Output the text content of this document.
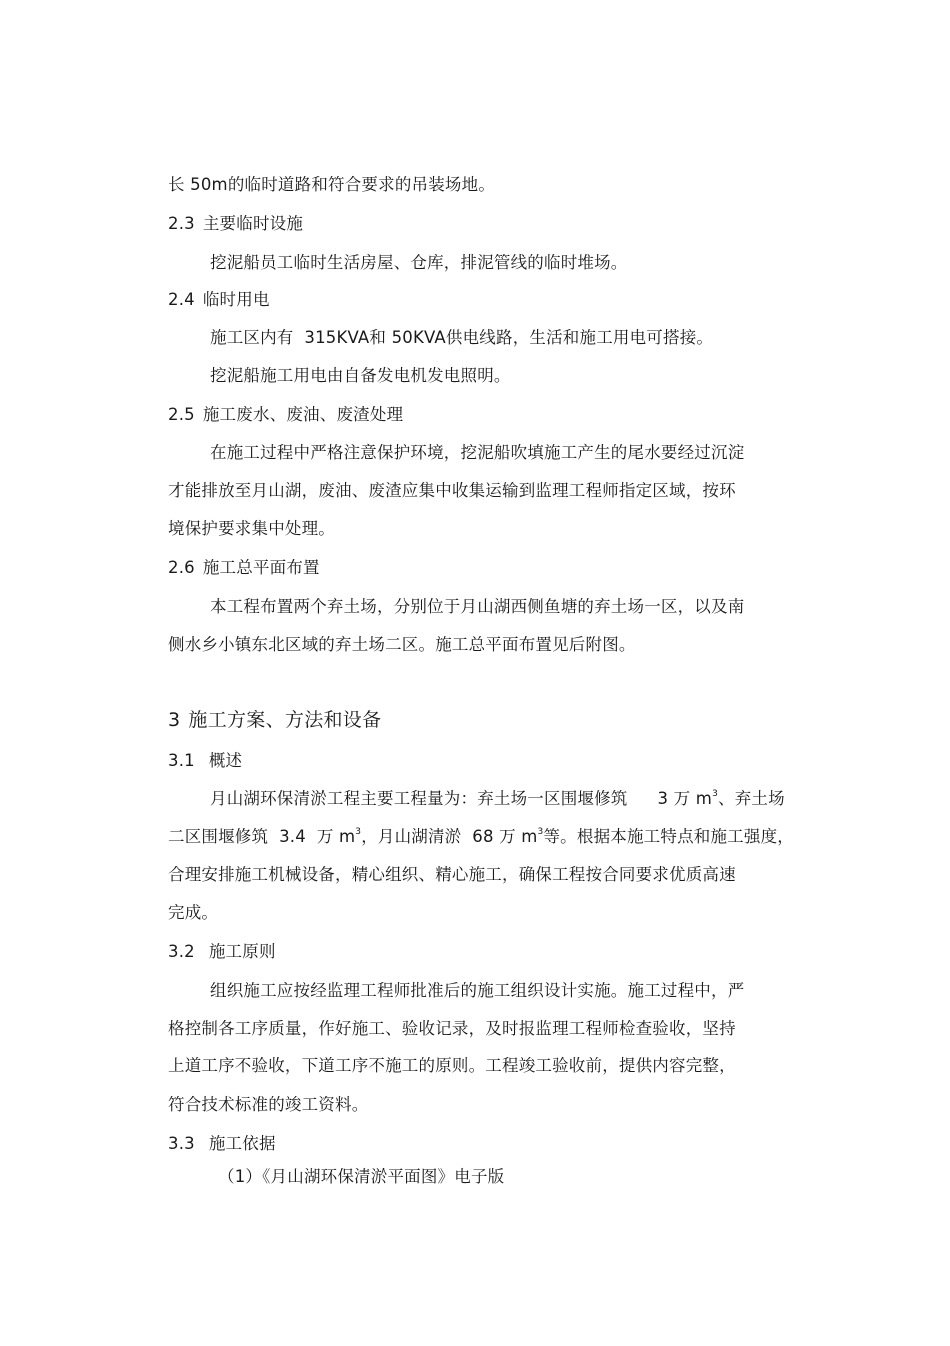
长 50m的临时道路和符合要求的吊装场地。
2.3 主要临时设施
挖泥船员工临时生活房屋、仓库，排泥管线的临时堆场。
2.4 临时用电
施工区内有  315KVA和 50KVA供电线路，生活和施工用电可搭接。
挖泥船施工用电由自备发电机发电照明。
2.5 施工废水、废油、废渣处理
在施工过程中严格注意保护环境，挖泥船吹填施工产生的尾水要经过沉淀
才能排放至月山湖，废油、废渣应集中收集运输到监理工程师指定区域，按环
境保护要求集中处理。
2.6 施工总平面布置
本工程布置两个弃土场，分别位于月山湖西侧鱼塘的弃土场一区，以及南
侧水乡小镇东北区域的弃土场二区。施工总平面布置见后附图。
3 施工方案、方法和设备
3.1 概述
月山湖环保清淤工程主要工程量为：弃土场一区围堰修筑 3 万 $m^3$、弃土场
二区围堰修筑  3.4  万 $m^3$，月山湖清淤  68 万 $m^3$等。根据本施工特点和施工强度，
合理安排施工机械设备，精心组织、精心施工，确保工程按合同要求优质高速
完成。
3.2 施工原则
组织施工应按经监理工程师批准后的施工组织设计实施。施工过程中，严
格控制各工序质量，作好施工、验收记录，及时报监理工程师检查验收，坚持
上道工序不验收，下道工序不施工的原则。工程竣工验收前，提供内容完整，
符合技术标准的竣工资料。
3.3 施工依据
（1）《月山湖环保清淤平面图》电子版
